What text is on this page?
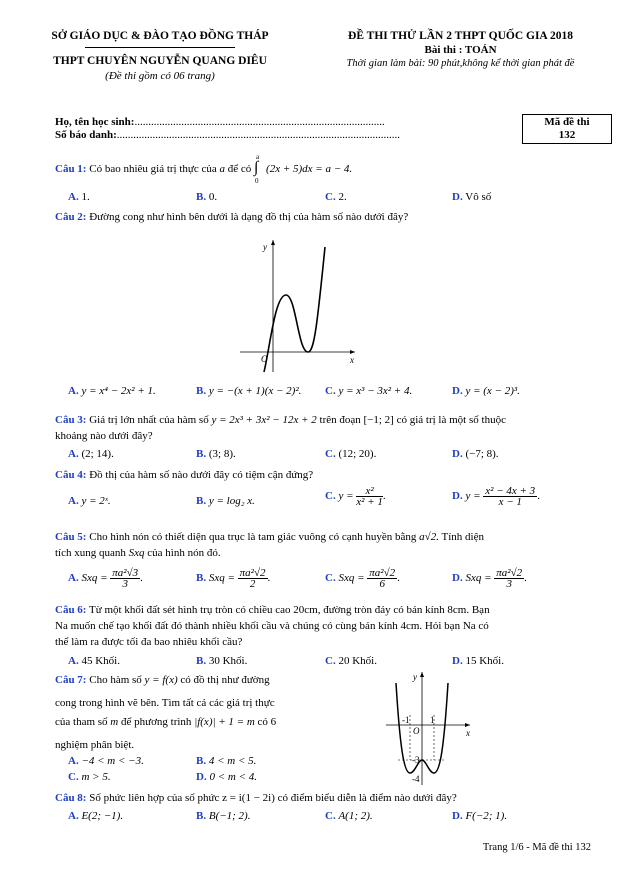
SỞ GIÁO DỤC & ĐÀO TẠO ĐỒNG THÁP
THPT CHUYÊN NGUYỄN QUANG DIÊU
(Đề thi gồm có 06 trang)
ĐỀ THI THỬ LẦN 2 THPT QUỐC GIA 2018
Bài thi : TOÁN
Thời gian làm bài: 90 phút,không kể thời gian phát đề
Họ, tên học sinh:...........................................................................................
Số báo danh:.......................................................................................................
Mã đề thi
132
Câu 1: Có bao nhiêu giá trị thực của a để có
a
∫
0
(2x + 5)dx = a − 4.
A. 1.	B. 0.	C. 2.	D. Vô số
Câu 2: Đường cong như hình bên dưới là dạng đồ thị của hàm số nào dưới đây?
y
x
O
A. y = x⁴ − 2x² + 1.	B. y = −(x + 1)(x − 2)². C. y = x³ − 3x² + 4.	D. y = (x − 2)³.
Câu 3: Giá trị lớn nhất của hàm số y = 2x³ + 3x² − 12x + 2 trên đoạn [−1; 2] có giá trị là một số thuộc
khoảng nào dưới đây?
A. (2; 14).	B. (3; 8).	C. (12; 20).	D. (−7; 8).
Câu 4: Đồ thị của hàm số nào dưới đây có tiệm cận đứng?
A. y = 2ˣ.	B. y = log₂ x.	C. $y = \frac{\text{x²}}{\text{x² + 1}}$ .	D. $y = \frac{\text{x² − 4x + 3}}{x - 1}$ .
Câu 5: Cho hình nón có thiết diện qua trục là tam giác vuông có cạnh huyền bằng a√2. Tính diện
tích xung quanh Sxq của hình nón đó.
A. Sxq = $\frac{\text{πa²√3}}{3}$ .	B. Sxq = $\frac{\text{πa²√2}}{2}$ .	C. Sxq = $\frac{\text{πa²√2}}{6}$ .	D. Sxq = $\frac{\text{πa²√2}}{3}$ .
Câu 6: Từ một khối đất sét hình trụ tròn có chiều cao 20cm, đường tròn đáy có bán kính 8cm. Bạn
Na muốn chế tạo khối đất đó thành nhiều khối cầu và chúng có cùng bán kính 4cm. Hỏi bạn Na có
thể làm ra được tối đa bao nhiêu khối cầu?
A. 45 Khối.	B. 30 Khối.	C. 20 Khối.	D. 15 Khối.
Câu 7: Cho hàm số y = f(x) có đồ thị như đường
cong trong hình vẽ bên. Tìm tất cả các giá trị thực
của tham số m để phương trình |f(x)| + 1 = m có 6
nghiệm phân biệt.
A. −4 < m < −3.	B. 4 < m < 5.
C. m > 5.	D. 0 < m < 4.
y
x
O
-1 1
-3
-4
Câu 8: Số phức liên hợp của số phức z = i(1 − 2i) có điểm biểu diễn là điểm nào dưới đây?
A. E(2; −1).	B. B(−1; 2).	C. A(1; 2).	D. F(−2; 1).
Trang 1/6 - Mã đề thi 132
